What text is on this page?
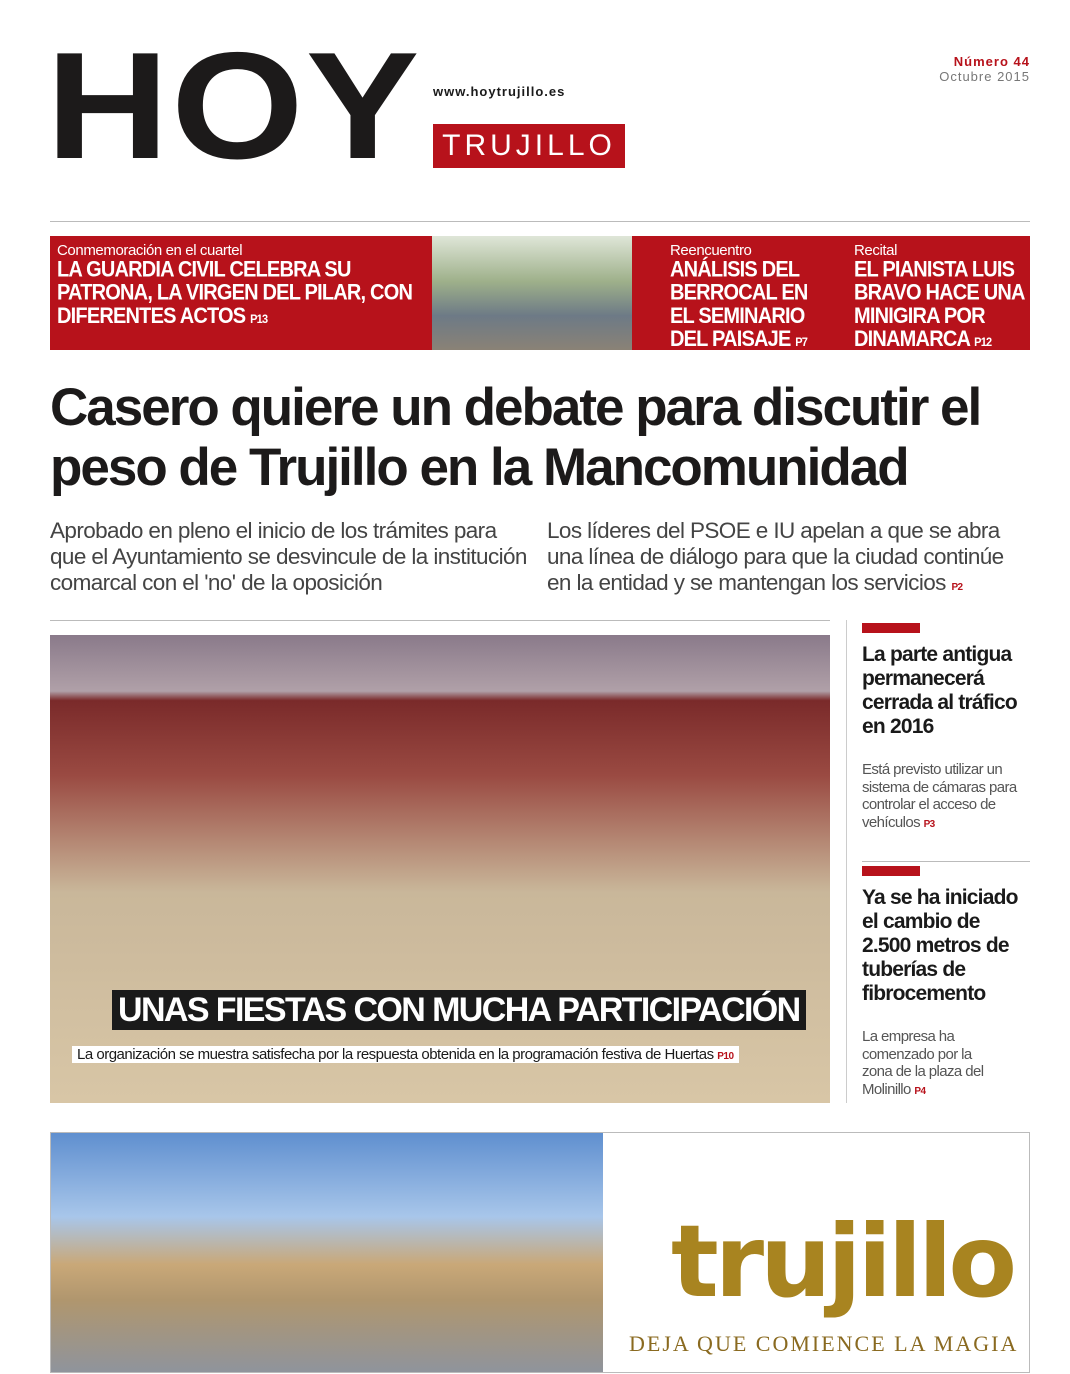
HOY www.hoytrujillo.es
TRUJILLO
Número 44
Octubre 2015
Conmemoración en el cuartel
LA GUARDIA CIVIL CELEBRA SU PATRONA, LA VIRGEN DEL PILAR, CON DIFERENTES ACTOS P13
Reencuentro
ANÁLISIS DEL BERROCAL EN EL SEMINARIO DEL PAISAJE P7
Recital
EL PIANISTA LUIS BRAVO HACE UNA MINIGIRA POR DINAMARCA P12
Casero quiere un debate para discutir el peso de Trujillo en la Mancomunidad
Aprobado en pleno el inicio de los trámites para que el Ayuntamiento se desvincule de la institución comarcal con el 'no' de la oposición
Los líderes del PSOE e IU apelan a que se abra una línea de diálogo para que la ciudad continúe en la entidad y se mantengan los servicios P2
UNAS FIESTAS CON MUCHA PARTICIPACIÓN
La organización se muestra satisfecha por la respuesta obtenida en la programación festiva de Huertas P10
La parte antigua permanecerá cerrada al tráfico en 2016
Está previsto utilizar un sistema de cámaras para controlar el acceso de vehículos P3
Ya se ha iniciado el cambio de 2.500 metros de tuberías de fibrocemento
La empresa ha comenzado por la zona de la plaza del Molinillo P4
trujillo
DEJA QUE COMIENCE LA MAGIA
